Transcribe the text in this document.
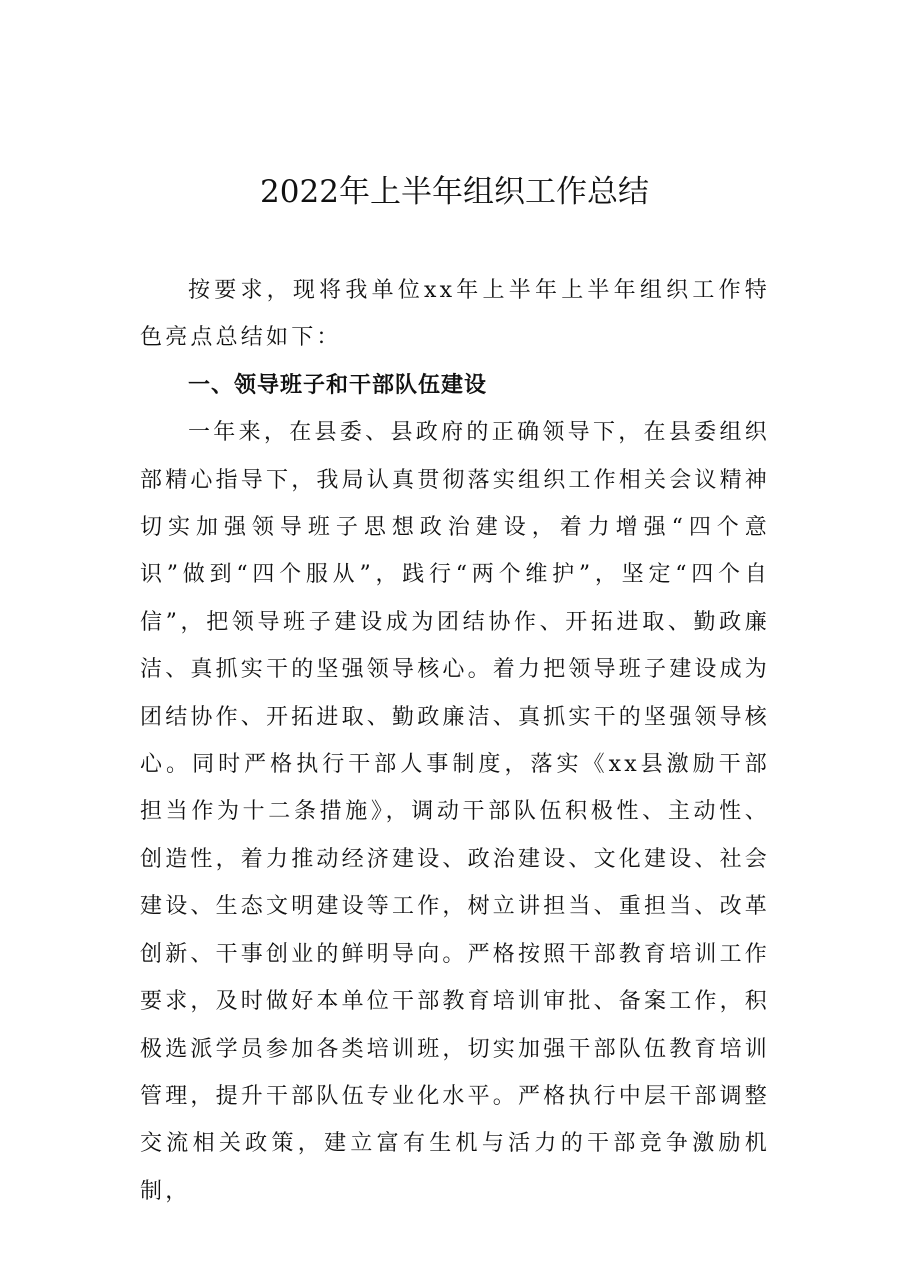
2022年上半年组织工作总结

按要求，现将我单位xx年上半年上半年组织工作特色亮点总结如下：

一、领导班子和干部队伍建设

一年来，在县委、县政府的正确领导下，在县委组织部精心指导下，我局认真贯彻落实组织工作相关会议精神切实加强领导班子思想政治建设，着力增强“四个意识”做到“四个服从”，践行“两个维护”，坚定“四个自信”，把领导班子建设成为团结协作、开拓进取、勤政廉洁、真抓实干的坚强领导核心。着力把领导班子建设成为团结协作、开拓进取、勤政廉洁、真抓实干的坚强领导核心。同时严格执行干部人事制度，落实《xx县激励干部担当作为十二条措施》，调动干部队伍积极性、主动性、创造性，着力推动经济建设、政治建设、文化建设、社会建设、生态文明建设等工作，树立讲担当、重担当、改革创新、干事创业的鲜明导向。严格按照干部教育培训工作要求，及时做好本单位干部教育培训审批、备案工作，积极选派学员参加各类培训班，切实加强干部队伍教育培训管理，提升干部队伍专业化水平。严格执行中层干部调整交流相关政策，建立富有生机与活力的干部竞争激励机制，
